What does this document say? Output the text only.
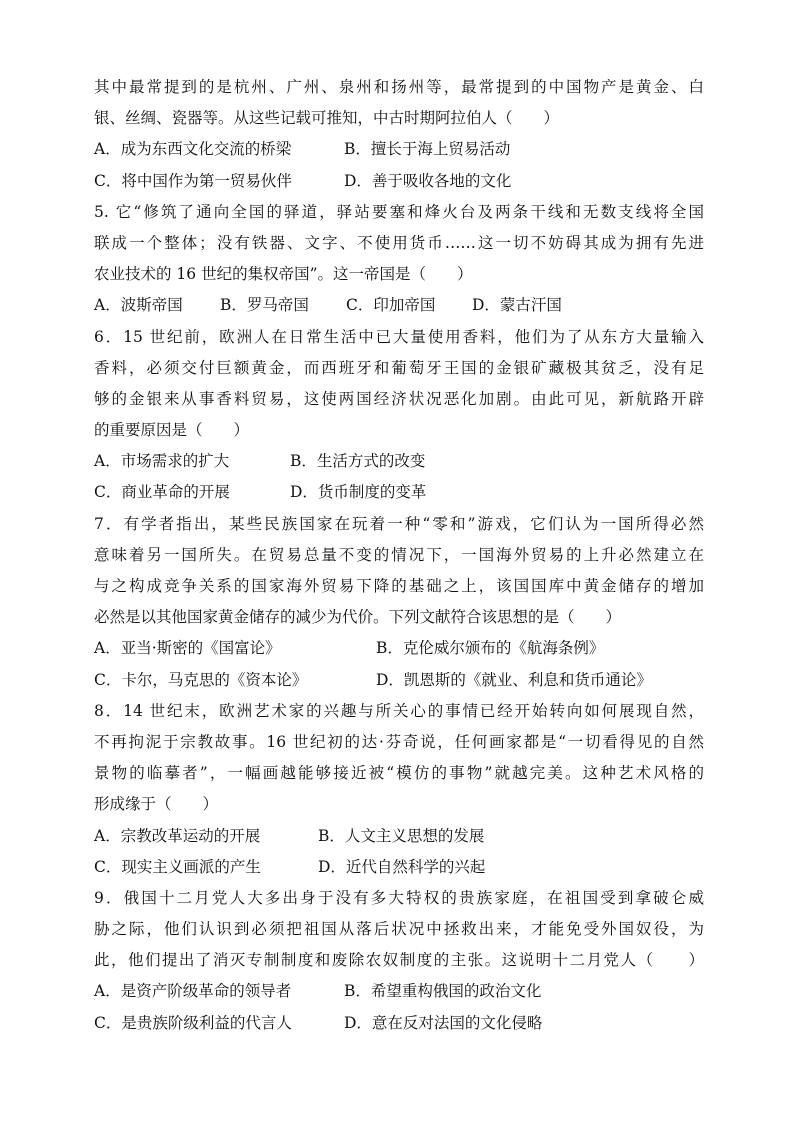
其中最常提到的是杭州、广州、泉州和扬州等，最常提到的中国物产是黄金、白
银、丝绸、瓷器等。从这些记载可推知，中古时期阿拉伯人（　　）
A．成为东西文化交流的桥梁	B．擅长于海上贸易活动
C．将中国作为第一贸易伙伴	D．善于吸收各地的文化
5. 它“修筑了通向全国的驿道，驿站要塞和烽火台及两条干线和无数支线将全国
联成一个整体；没有铁器、文字、不使用货币……这一切不妨碍其成为拥有先进
农业技术的 16 世纪的集权帝国”。这一帝国是（　　）
A．波斯帝国	B．罗马帝国	C．印加帝国	D．蒙古汗国
6．15 世纪前，欧洲人在日常生活中已大量使用香料，他们为了从东方大量输入
香料，必须交付巨额黄金，而西班牙和葡萄牙王国的金银矿藏极其贫乏，没有足
够的金银来从事香料贸易，这使两国经济状况恶化加剧。由此可见，新航路开辟
的重要原因是（　　）
A．市场需求的扩大	B．生活方式的改变
C．商业革命的开展	D．货币制度的变革
7．有学者指出，某些民族国家在玩着一种“零和”游戏，它们认为一国所得必然
意味着另一国所失。在贸易总量不变的情况下，一国海外贸易的上升必然建立在
与之构成竞争关系的国家海外贸易下降的基础之上，该国国库中黄金储存的增加
必然是以其他国家黄金储存的减少为代价。下列文献符合该思想的是（　　）
A．亚当·斯密的《国富论》	B．克伦威尔颁布的《航海条例》
C．卡尔，马克思的《资本论》	D．凯恩斯的《就业、利息和货币通论》
8．14 世纪末，欧洲艺术家的兴趣与所关心的事情已经开始转向如何展现自然，
不再拘泥于宗教故事。16 世纪初的达·芬奇说，任何画家都是“一切看得见的自然
景物的临摹者”，一幅画越能够接近被“模仿的事物”就越完美。这种艺术风格的
形成缘于（　　）
A．宗教改革运动的开展	B．人文主义思想的发展
C．现实主义画派的产生	D．近代自然科学的兴起
9．俄国十二月党人大多出身于没有多大特权的贵族家庭，在祖国受到拿破仑威
胁之际，他们认识到必须把祖国从落后状况中拯救出来，才能免受外国奴役，为
此，他们提出了消灭专制制度和废除农奴制度的主张。这说明十二月党人（　　）
A．是资产阶级革命的领导者	B．希望重构俄国的政治文化
C．是贵族阶级利益的代言人	D．意在反对法国的文化侵略
